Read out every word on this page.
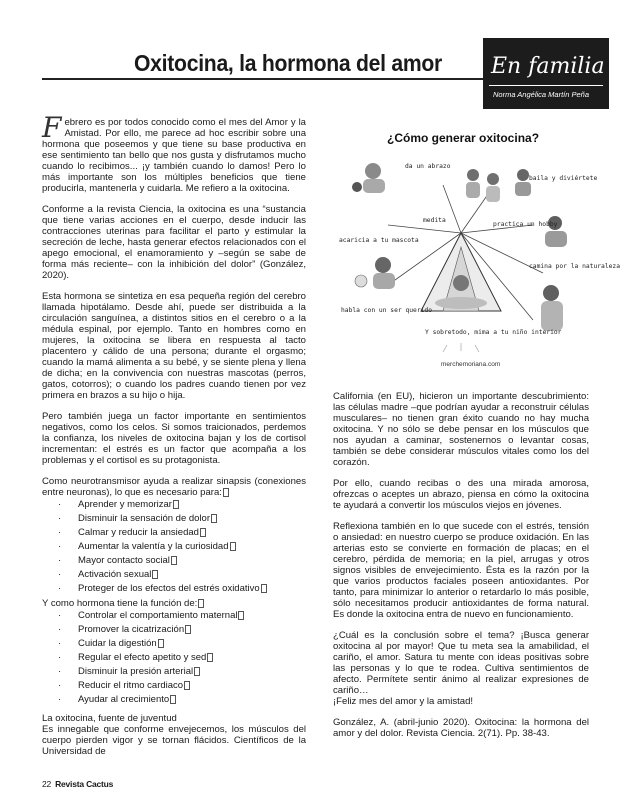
Oxitocina, la hormona del amor En familia
Norma Angélica Martín Peña

Febrero es por todos conocido como el mes del Amor y la Amistad. Por ello, me parece ad hoc escribir sobre una hormona que poseemos y que tiene su base productiva en ese sentimiento tan bello que nos gusta y disfrutamos mucho cuando lo recibimos... ¡y también cuando lo damos! Pero lo más importante son los múltiples beneficios que tiene producirla, mantenerla y cuidarla. Me refiero a la oxitocina.

Conforme a la revista Ciencia, la oxitocina es una “sustancia que tiene varias acciones en el cuerpo, desde inducir las contracciones uterinas para facilitar el parto y estimular la secreción de leche, hasta generar efectos relacionados con el apego emocional, el enamoramiento y –según se sabe de forma más reciente– con la inhibición del dolor” (González, 2020).

Esta hormona se sintetiza en esa pequeña región del cerebro llamada hipotálamo. Desde ahí, puede ser distribuida a la circulación sanguínea, a distintos sitios en el cerebro o a la médula espinal, por ejemplo. Tanto en hombres como en mujeres, la oxitocina se libera en respuesta al tacto placentero y cálido de una persona; durante el orgasmo; cuando la mamá alimenta a su bebé, y se siente plena y llena de dicha; en la convivencia con nuestras mascotas (perros, gatos, cotorros); o cuando los padres cuando tienen por vez primera en brazos a su hijo o hija.

Pero también juega un factor importante en sentimientos negativos, como los celos. Si somos traicionados, perdemos la confianza, los niveles de oxitocina bajan y los de cortisol incrementan: el estrés es un factor que acompaña a los problemas y el cortisol es su protagonista.

Como neurotransmisor ayuda a realizar sinapsis (conexiones entre neuronas), lo que es necesario para:

· Aprender y memorizar
· Disminuir la sensación de dolor
· Calmar y reducir la ansiedad
· Aumentar la valentía y la curiosidad
· Mayor contacto social
· Activación sexual
· Proteger de los efectos del estrés oxidativo

Y como hormona tiene la función de:

· Controlar el comportamiento maternal
· Promover la cicatrización
· Cuidar la digestión
· Regular el efecto apetito y sed
· Disminuir la presión arterial
· Reducir el ritmo cardiaco
· Ayudar al crecimiento

La oxitocina, fuente de juventud

Es innegable que conforme envejecemos, los músculos del cuerpo pierden vigor y se tornan flácidos. Científicos de la Universidad de

¿Cómo generar oxitocina?
da un abrazo
baila y diviértete
acaricia a tu mascota
medita
practica un hobby
camina por la naturaleza
habla con un ser querido
Y sobretodo, mima a tu niño interior
merchemoriana.com

California (en EU), hicieron un importante descubrimiento: las células madre –que podrían ayudar a reconstruir células musculares– no tienen gran éxito cuando no hay mucha oxitocina. Y no sólo se debe pensar en los músculos que nos ayudan a caminar, sostenernos o levantar cosas, también se debe considerar músculos vitales como los del corazón.

Por ello, cuando recibas o des una mirada amorosa, ofrezcas o aceptes un abrazo, piensa en cómo la oxitocina te ayudará a convertir los músculos viejos en jóvenes.

Reflexiona también en lo que sucede con el estrés, tensión o ansiedad: en nuestro cuerpo se produce oxidación. En las arterias esto se convierte en formación de placas; en el cerebro, pérdida de memoria; en la piel, arrugas y otros signos visibles de envejecimiento. Ésta es la razón por la que varios productos faciales poseen antioxidantes. Por tanto, para minimizar lo anterior o retardarlo lo más posible, sólo necesitamos producir antioxidantes de forma natural. Es donde la oxitocina entra de nuevo en funcionamiento.

¿Cuál es la conclusión sobre el tema? ¡Busca generar oxitocina al por mayor! Que tu meta sea la amabilidad, el cariño, el amor. Satura tu mente con ideas positivas sobre las personas y lo que te rodea. Cultiva sentimientos de afecto. Permítete sentir ánimo al realizar expresiones de cariño…

¡Feliz mes del amor y la amistad!

González, A. (abril-junio 2020). Oxitocina: la hormona del amor y del dolor. Revista Ciencia. 2(71). Pp. 38-43.

22 Revista Cactus
